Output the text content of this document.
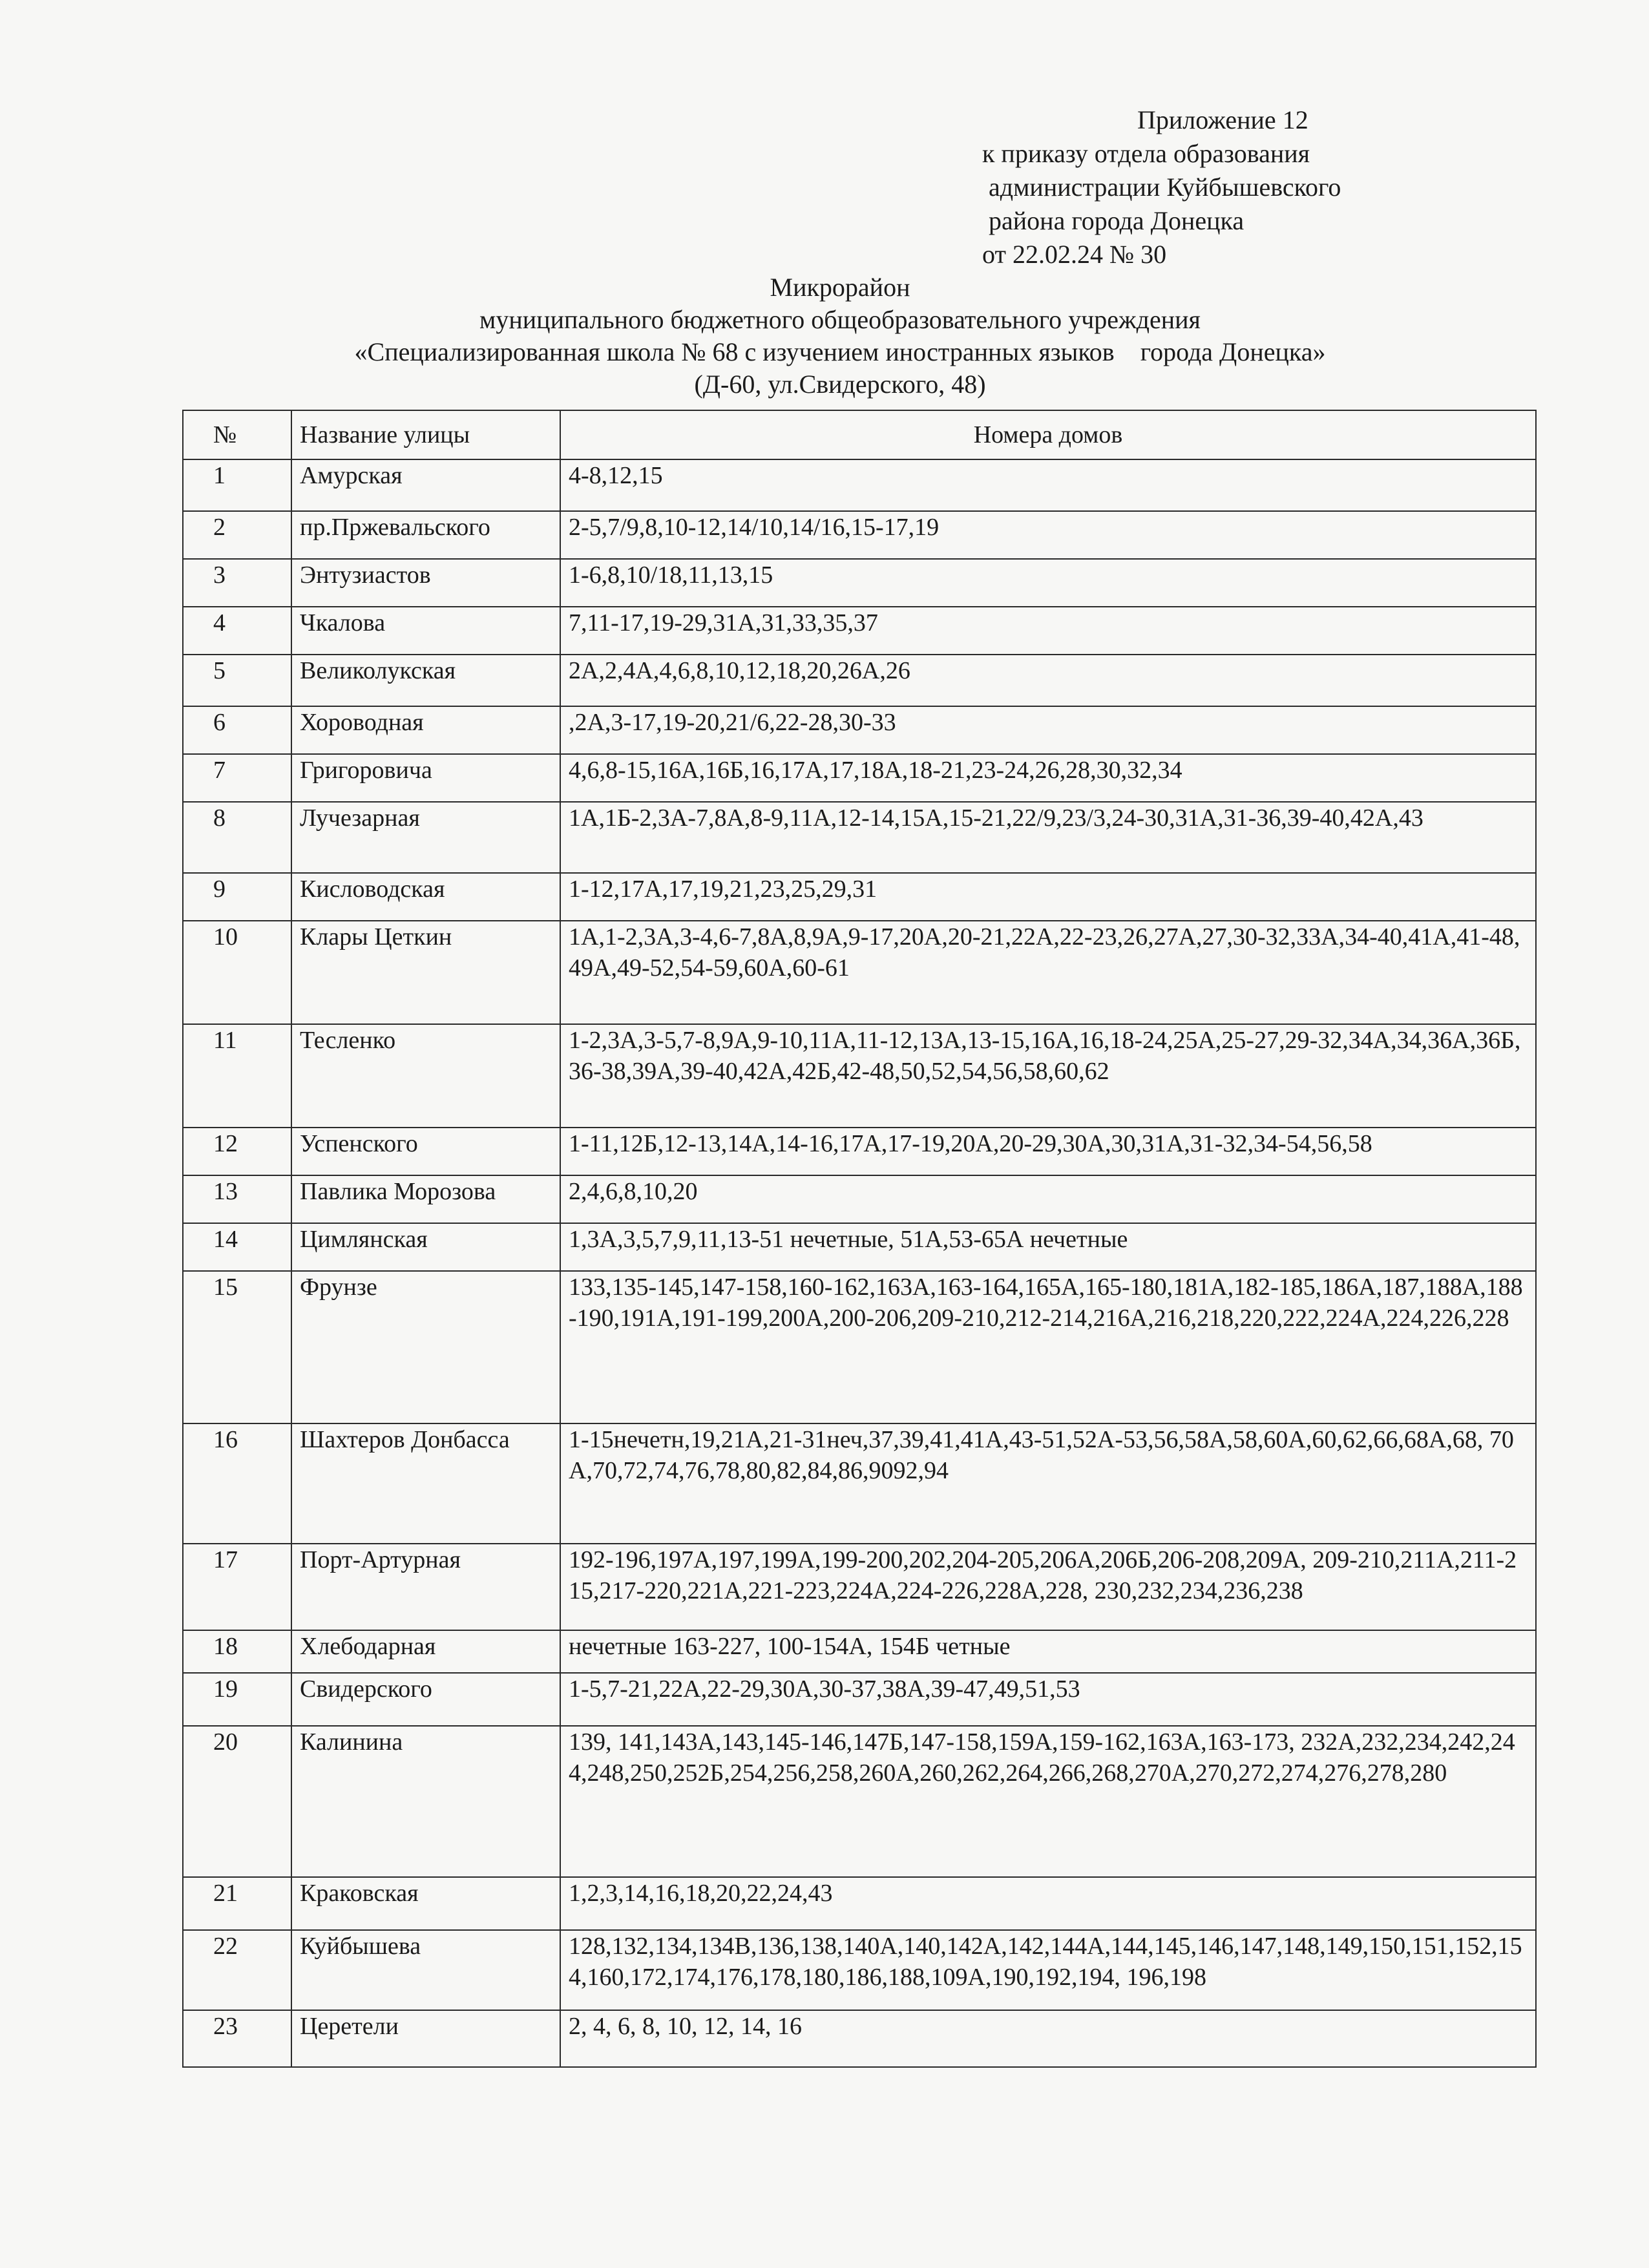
Приложение 12
к приказу отдела образования
администрации Куйбышевского
района города Донецка
от 22.02.24 № 30
Микрорайон
муниципального бюджетного общеобразовательного учреждения
«Специализированная школа № 68 с изучением иностранных языков    города Донецка»
(Д-60, ул.Свидерского, 48)
№	Название улицы	Номера домов
1	Амурская	4-8,12,15
2	пр.Пржевальского	2-5,7/9,8,10-12,14/10,14/16,15-17,19
3	Энтузиастов	1-6,8,10/18,11,13,15
4	Чкалова	7,11-17,19-29,31А,31,33,35,37
5	Великолукская	2А,2,4А,4,6,8,10,12,18,20,26А,26
6	Хороводная	,2А,3-17,19-20,21/6,22-28,30-33
7	Григоровича	4,6,8-15,16А,16Б,16,17А,17,18А,18-21,23-24,26,28,30,32,34
8	Лучезарная	1А,1Б-2,3А-7,8А,8-9,11А,12-14,15А,15-21,22/9,23/3,24-30,31А,31-36,39-40,42А,43
9	Кисловодская	1-12,17А,17,19,21,23,25,29,31
10	Клары Цеткин	1А,1-2,3А,3-4,6-7,8А,8,9А,9-17,20А,20-21,22А,22-23,26,27А,27,30-32,33А,34-40,41А,41-48,49А,49-52,54-59,60А,60-61
11	Тесленко	1-2,3А,3-5,7-8,9А,9-10,11А,11-12,13А,13-15,16А,16,18-24,25А,25-27,29-32,34А,34,36А,36Б,36-38,39А,39-40,42А,42Б,42-48,50,52,54,56,58,60,62
12	Успенского	1-11,12Б,12-13,14А,14-16,17А,17-19,20А,20-29,30А,30,31А,31-32,34-54,56,58
13	Павлика Морозова	2,4,6,8,10,20
14	Цимлянская	1,3А,3,5,7,9,11,13-51 нечетные, 51А,53-65А нечетные
15	Фрунзе	133,135-145,147-158,160-162,163А,163-164,165А,165-180,181А,182-185,186А,187,188А,188-190,191А,191-199,200А,200-206,209-210,212-214,216А,216,218,220,222,224А,224,226,228
16	Шахтеров Донбасса	1-15нечетн,19,21А,21-31неч,37,39,41,41А,43-51,52А-53,56,58А,58,60А,60,62,66,68А,68, 70А,70,72,74,76,78,80,82,84,86,9092,94
17	Порт-Артурная	192-196,197А,197,199А,199-200,202,204-205,206А,206Б,206-208,209А, 209-210,211А,211-215,217-220,221А,221-223,224А,224-226,228А,228, 230,232,234,236,238
18	Хлебодарная	нечетные 163-227, 100-154А, 154Б четные
19	Свидерского	1-5,7-21,22А,22-29,30А,30-37,38А,39-47,49,51,53
20	Калинина	139, 141,143А,143,145-146,147Б,147-158,159А,159-162,163А,163-173, 232А,232,234,242,244,248,250,252Б,254,256,258,260А,260,262,264,266,268,270А,270,272,274,276,278,280
21	Краковская	1,2,3,14,16,18,20,22,24,43
22	Куйбышева	128,132,134,134В,136,138,140А,140,142А,142,144А,144,145,146,147,148,149,150,151,152,154,160,172,174,176,178,180,186,188,109А,190,192,194, 196,198
23	Церетели	2, 4, 6, 8, 10, 12, 14, 16
